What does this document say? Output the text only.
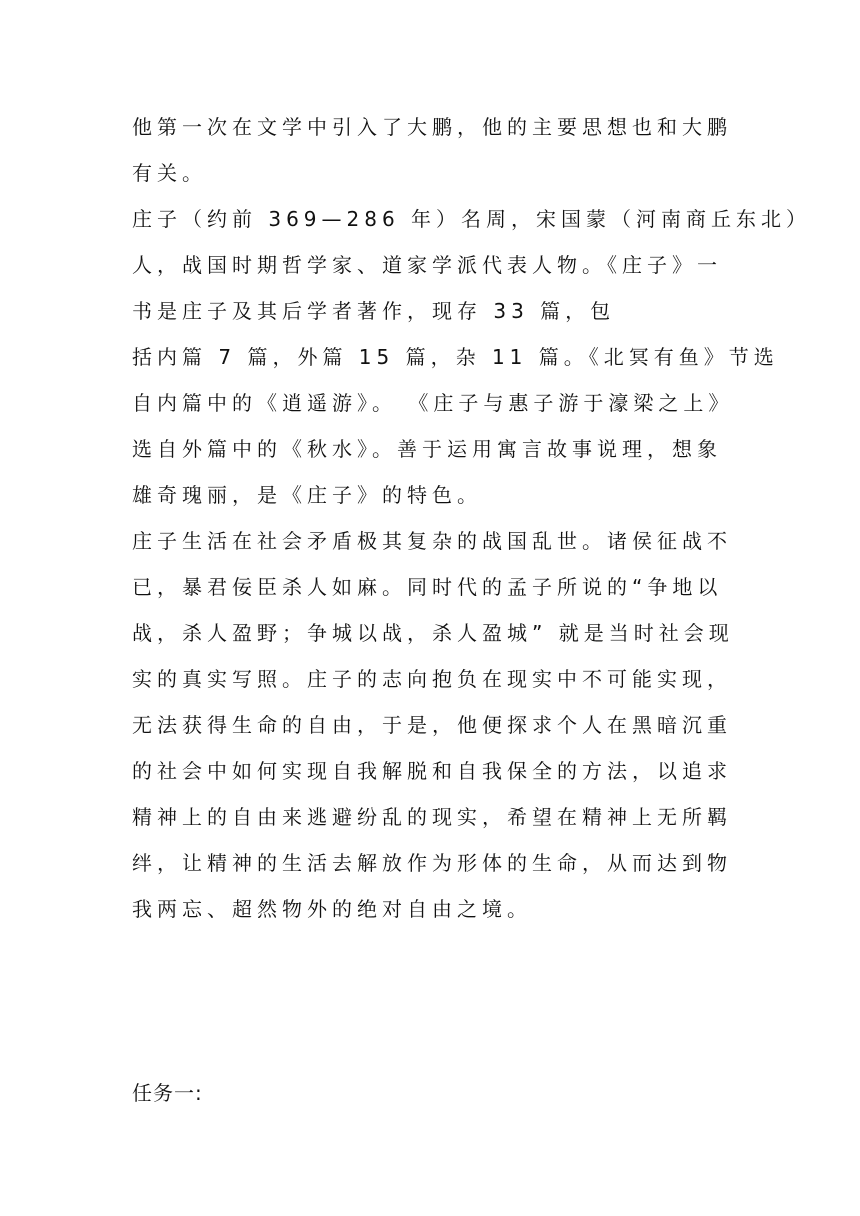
他第一次在文学中引入了大鹏，他的主要思想也和大鹏
有关。
庄子（约前 369—286 年）名周，宋国蒙（河南商丘东北）
人，战国时期哲学家、道家学派代表人物。《庄子》一
书是庄子及其后学者著作，现存 33 篇，包
括内篇 7 篇，外篇 15 篇，杂 11 篇。《北冥有鱼》节选
自内篇中的《逍遥游》。 《庄子与惠子游于濠梁之上》
选自外篇中的《秋水》。善于运用寓言故事说理，想象
雄奇瑰丽，是《庄子》的特色。
庄子生活在社会矛盾极其复杂的战国乱世。诸侯征战不
已，暴君佞臣杀人如麻。同时代的孟子所说的“争地以
战，杀人盈野；争城以战，杀人盈城” 就是当时社会现
实的真实写照。庄子的志向抱负在现实中不可能实现，
无法获得生命的自由，于是，他便探求个人在黑暗沉重
的社会中如何实现自我解脱和自我保全的方法，以追求
精神上的自由来逃避纷乱的现实，希望在精神上无所羁
绊，让精神的生活去解放作为形体的生命，从而达到物
我两忘、超然物外的绝对自由之境。
任务一:
